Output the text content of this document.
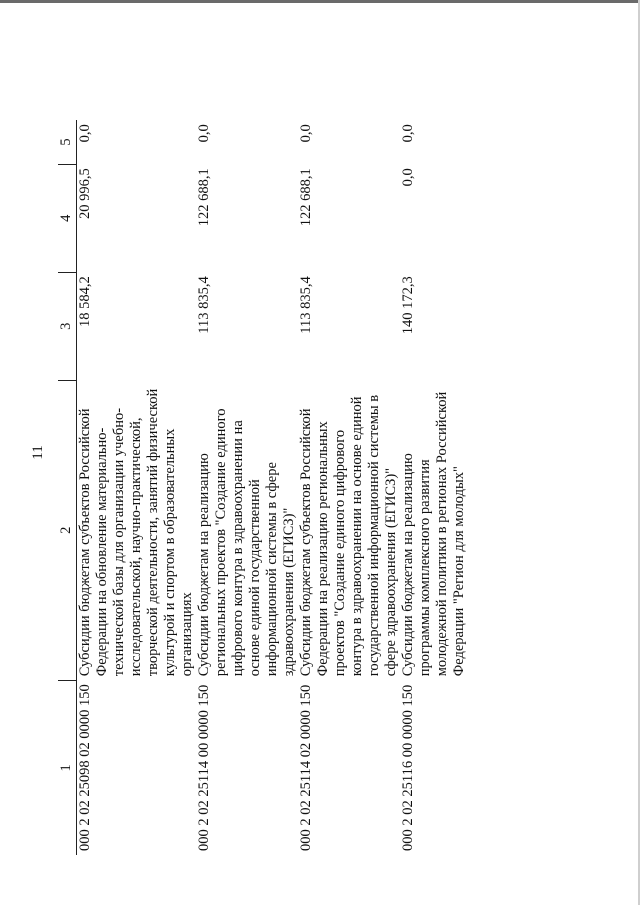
11
1	2	3	4	5
000 2 02 25098 02 0000 150	Субсидии бюджетам субъектов Российской Федерации на обновление материально-технической базы для организации учебно-исследовательской, научно-практической, творческой деятельности, занятий физической культурой и спортом в образовательных организациях	18 584,2	20 996,5	0,0
000 2 02 25114 00 0000 150	Субсидии бюджетам на реализацию региональных проектов "Создание единого цифрового контура в здравоохранении на основе единой государственной информационной системы в сфере здравоохранения (ЕГИСЗ)"	113 835,4	122 688,1	0,0
000 2 02 25114 02 0000 150	Субсидии бюджетам субъектов Российской Федерации на реализацию региональных проектов "Создание единого цифрового контура в здравоохранении на основе единой государственной информационной системы в сфере здравоохранения (ЕГИСЗ)"	113 835,4	122 688,1	0,0
000 2 02 25116 00 0000 150	Субсидии бюджетам на реализацию программы комплексного развития молодежной политики в регионах Российской Федерации "Регион для молодых"	140 172,3	0,0	0,0
